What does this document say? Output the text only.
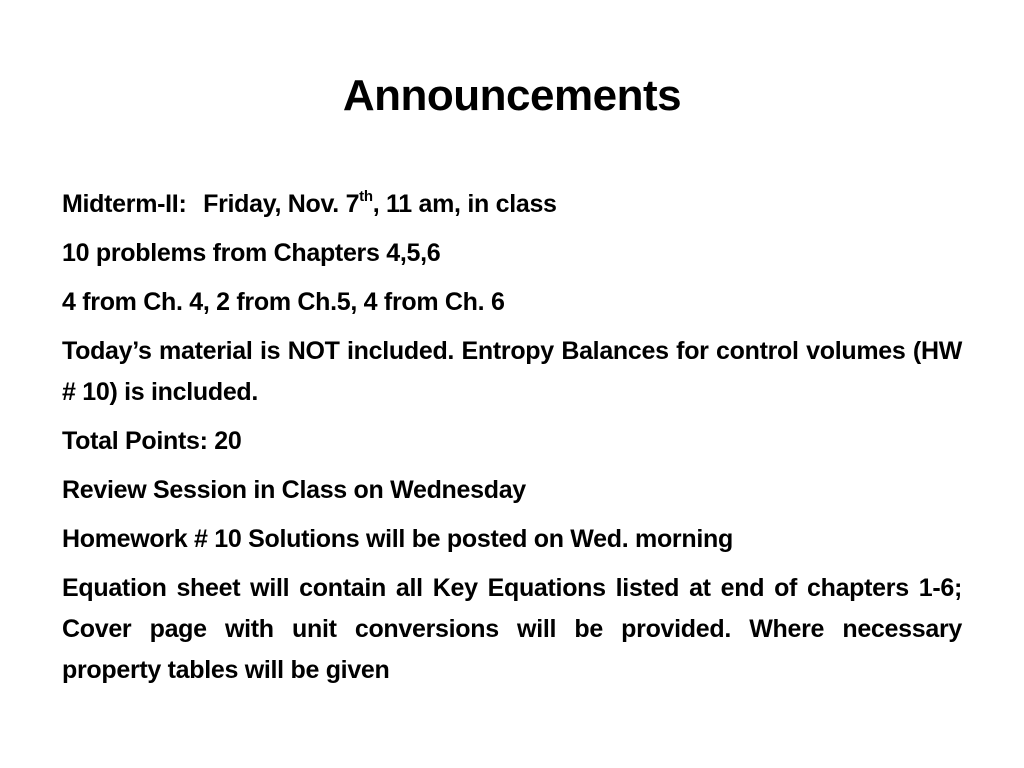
Announcements

Midterm-II: Friday, Nov. 7th, 11 am, in class

10 problems from Chapters 4,5,6

4 from Ch. 4, 2 from Ch.5, 4 from Ch. 6

Today’s material is NOT included. Entropy Balances for control volumes (HW # 10) is included.

Total Points: 20

Review Session in Class on Wednesday

Homework # 10 Solutions will be posted on Wed. morning

Equation sheet will contain all Key Equations listed at end of chapters 1-6; Cover page with unit conversions will be provided. Where necessary property tables will be given
